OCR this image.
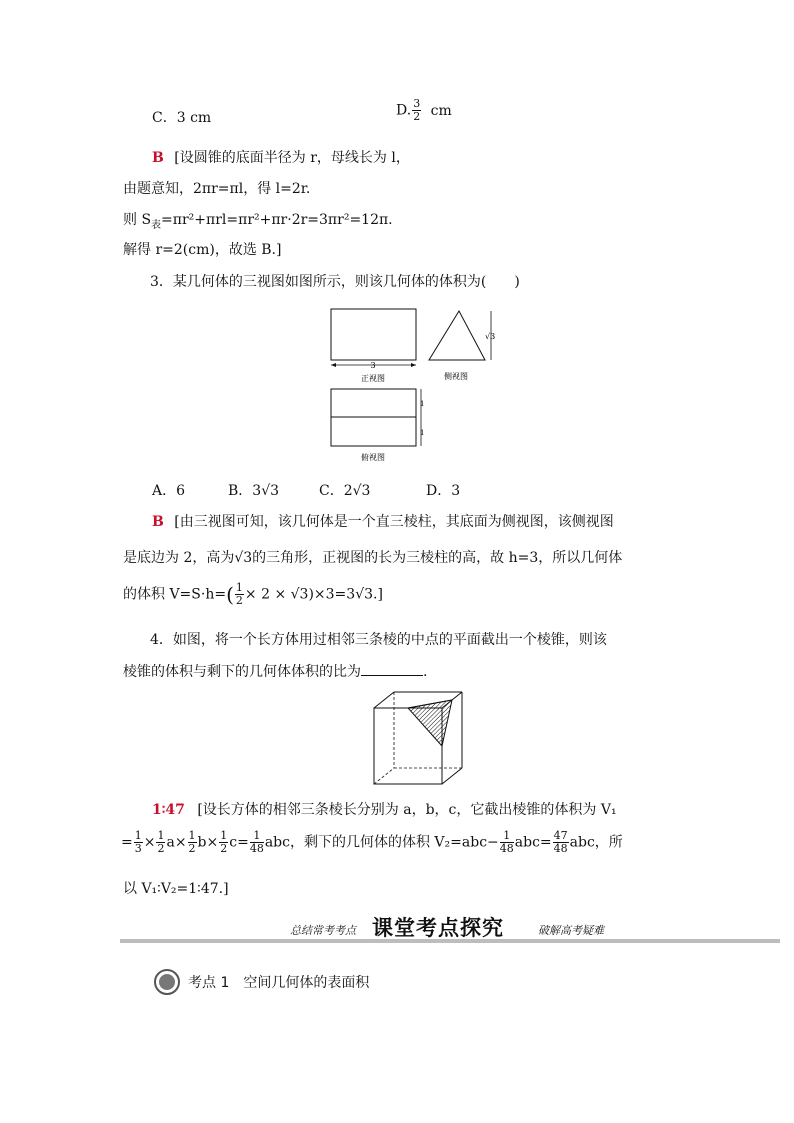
C．3 cm	D. $\frac{3}{2}$ cm
B [设圆锥的底面半径为 r，母线长为 l，
由题意知，2πr=πl，得 l=2r.
则 $S_表=\pi r^2+\pi rl=\pi r^2+\pi r\cdot 2r=3\pi r^2=12\pi$.
解得 r=2(cm)，故选 B.]
3．某几何体的三视图如图所示，则该几何体的体积为(　　)
3
正视图
√3
侧视图
1
1
俯视图
A．6	B．3√3	C．2√3	D．3
B [由三视图可知，该几何体是一个直三棱柱，其底面为侧视图，该侧视图
是底边为 2，高为√3的三角形，正视图的长为三棱柱的高，故 h=3，所以几何体
的体积 $V=S\cdot h=( \frac{1}{2} \times 2 \times √3)\times 3=3√3$.]
4．如图，将一个长方体用过相邻三条棱的中点的平面截出一个棱锥，则该
棱锥的体积与剩下的几何体体积的比为	.
1∶47 [设长方体的相邻三条棱长分别为 a，b，c，它截出棱锥的体积为 V₁
= $\frac{1}{3} \times \frac{1}{2} a\times \frac{1}{2} b\times \frac{1}{2} c= \frac{1}{48}$ abc，剩下的几何体的体积 $V_2=abc- \frac{1}{48} abc= \frac{47}{48}$ abc，所
以 V₁∶V₂=1∶47.]
总结常考考点 课堂考点探究	破解高考疑难
考点 1　空间几何体的表面积
